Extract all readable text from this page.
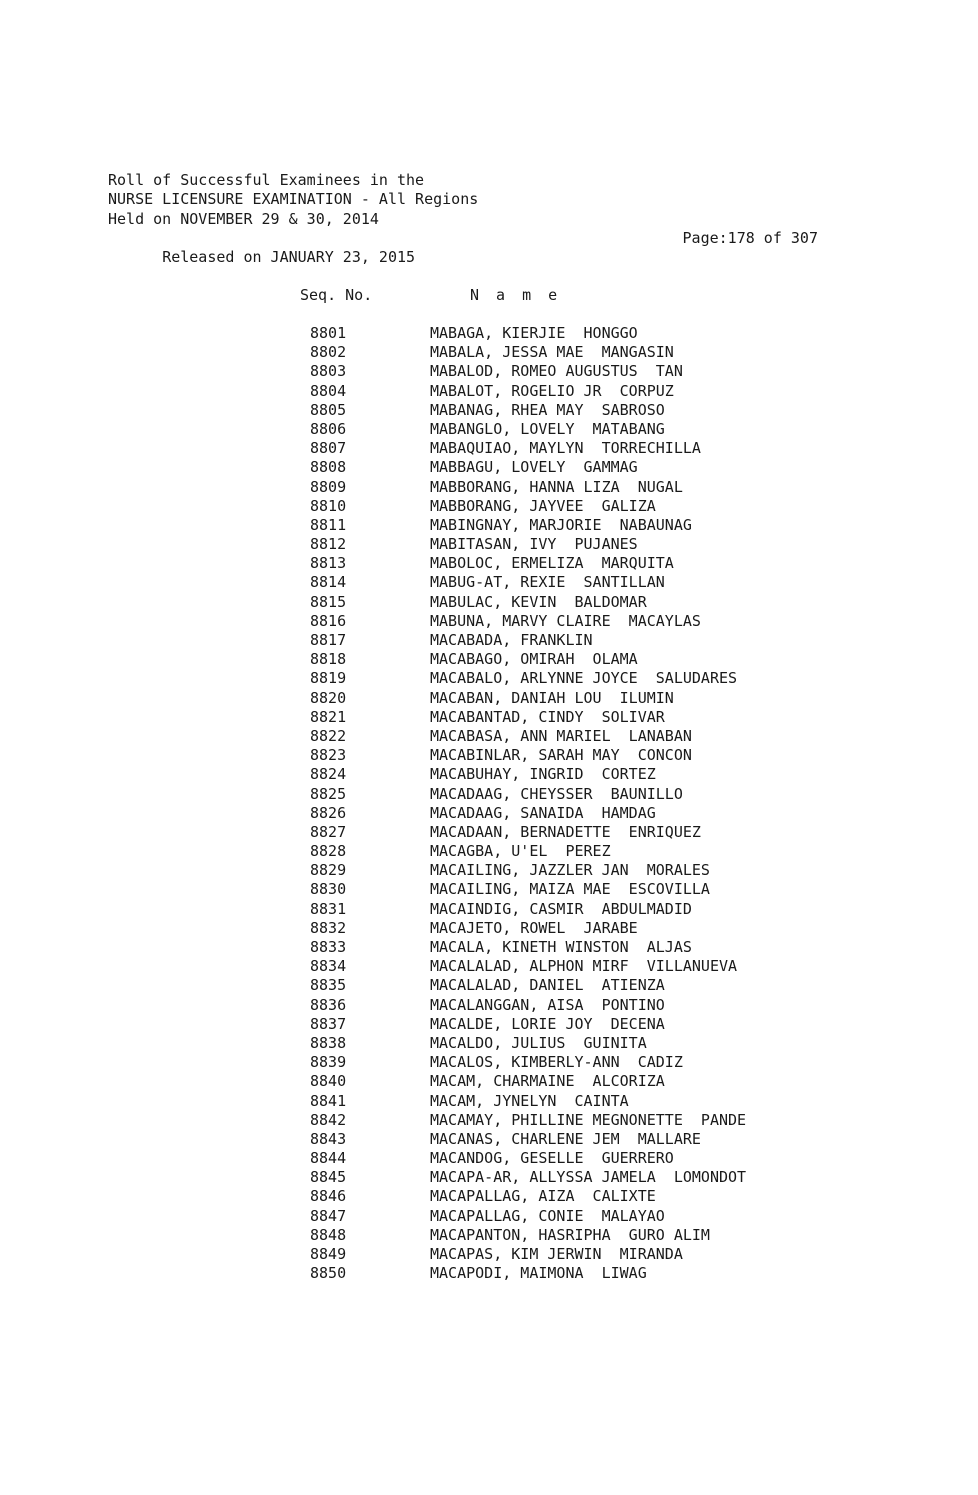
Roll of Successful Examinees in the
NURSE LICENSURE EXAMINATION - All Regions
Held on NOVEMBER 29 & 30, 2014

Released on JANUARY 23, 2015

Page:178 of 307

Seq. No.	N a m e
8801	MABAGA, KIERJIE  HONGGO
8802	MABALA, JESSA MAE  MANGASIN
8803	MABALOD, ROMEO AUGUSTUS  TAN
8804	MABALOT, ROGELIO JR  CORPUZ
8805	MABANAG, RHEA MAY  SABROSO
8806	MABANGLO, LOVELY  MATABANG
8807	MABAQUIAO, MAYLYN  TORRECHILLA
8808	MABBAGU, LOVELY  GAMMAG
8809	MABBORANG, HANNA LIZA  NUGAL
8810	MABBORANG, JAYVEE  GALIZA
8811	MABINGNAY, MARJORIE  NABAUNAG
8812	MABITASAN, IVY  PUJANES
8813	MABOLOC, ERMELIZA  MARQUITA
8814	MABUG-AT, REXIE  SANTILLAN
8815	MABULAC, KEVIN  BALDOMAR
8816	MABUNA, MARVY CLAIRE  MACAYLAS
8817	MACABADA, FRANKLIN
8818	MACABAGO, OMIRAH  OLAMA
8819	MACABALO, ARLYNNE JOYCE  SALUDARES
8820	MACABAN, DANIAH LOU  ILUMIN
8821	MACABANTAD, CINDY  SOLIVAR
8822	MACABASA, ANN MARIEL  LANABAN
8823	MACABINLAR, SARAH MAY  CONCON
8824	MACABUHAY, INGRID  CORTEZ
8825	MACADAAG, CHEYSSER  BAUNILLO
8826	MACADAAG, SANAIDA  HAMDAG
8827	MACADAAN, BERNADETTE  ENRIQUEZ
8828	MACAGBA, U'EL  PEREZ
8829	MACAILING, JAZZLER JAN  MORALES
8830	MACAILING, MAIZA MAE  ESCOVILLA
8831	MACAINDIG, CASMIR  ABDULMADID
8832	MACAJETO, ROWEL  JARABE
8833	MACALA, KINETH WINSTON  ALJAS
8834	MACALALAD, ALPHON MIRF  VILLANUEVA
8835	MACALALAD, DANIEL  ATIENZA
8836	MACALANGGAN, AISA  PONTINO
8837	MACALDE, LORIE JOY  DECENA
8838	MACALDO, JULIUS  GUINITA
8839	MACALOS, KIMBERLY-ANN  CADIZ
8840	MACAM, CHARMAINE  ALCORIZA
8841	MACAM, JYNELYN  CAINTA
8842	MACAMAY, PHILLINE MEGNONETTE  PANDE
8843	MACANAS, CHARLENE JEM  MALLARE
8844	MACANDOG, GESELLE  GUERRERO
8845	MACAPA-AR, ALLYSSA JAMELA  LOMONDOT
8846	MACAPALLAG, AIZA  CALIXTE
8847	MACAPALLAG, CONIE  MALAYAO
8848	MACAPANTON, HASRIPHA  GURO ALIM
8849	MACAPAS, KIM JERWIN  MIRANDA
8850	MACAPODI, MAIMONA  LIWAG
